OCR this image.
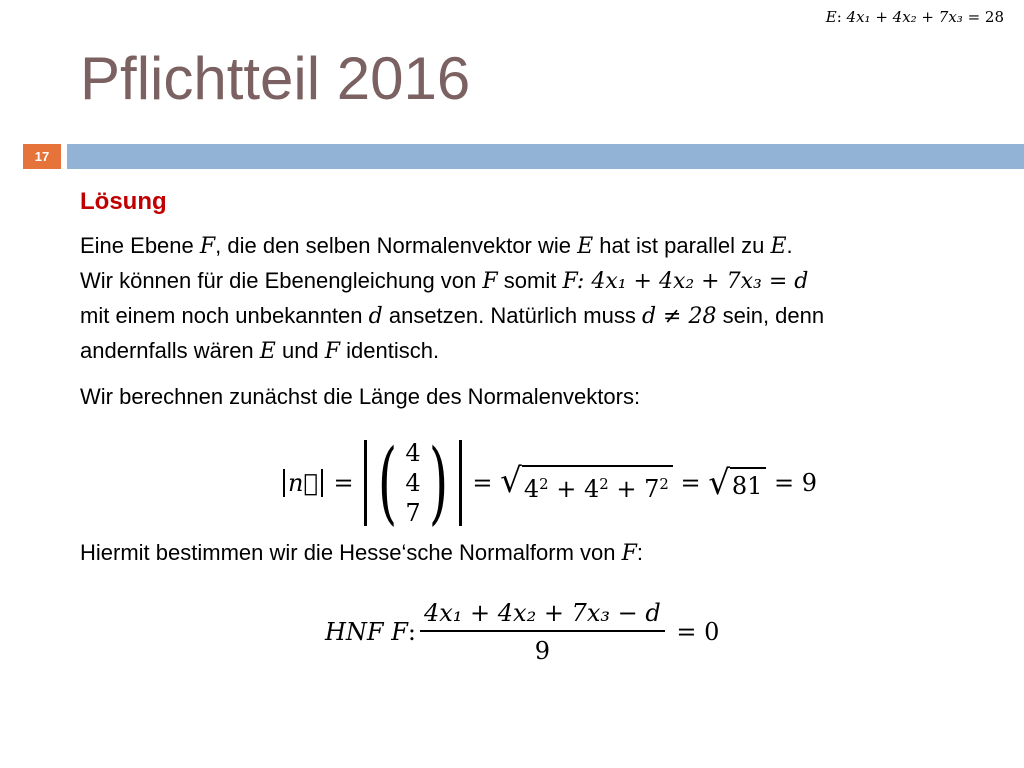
E: 4x₁ + 4x₂ + 7x₃ = 28
Pflichtteil 2016
17
Lösung
Eine Ebene F, die den selben Normalenvektor wie E hat ist parallel zu E.
Wir können für die Ebenengleichung von F somit F: 4x₁ + 4x₂ + 7x₃ = d
mit einem noch unbekannten d ansetzen. Natürlich muss d ≠ 28 sein, denn
andernfalls wären E und F identisch.
Wir berechnen zunächst die Länge des Normalenvektors:
n⃗ = ( 4
4
7 ) = √ $4^2 + 4^2 + 7^2$ = √ 81 = 9
Hiermit bestimmen wir die Hesse‘sche Normalform von F:
HNF F : $\frac{\text{4x₁ + 4x₂ + 7x₃ − d}}{9} = 0$
